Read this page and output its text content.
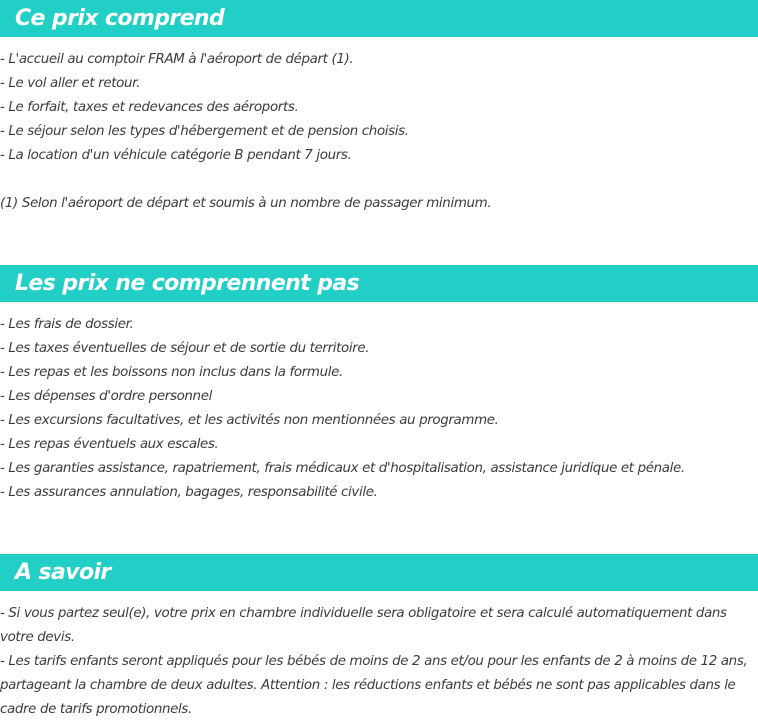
Ce prix comprend
- L'accueil au comptoir FRAM à l'aéroport de départ (1).
- Le vol aller et retour.
- Le forfait, taxes et redevances des aéroports.
- Le séjour selon les types d'hébergement et de pension choisis.
- La location d'un véhicule catégorie B pendant 7 jours.
(1) Selon l'aéroport de départ et soumis à un nombre de passager minimum.
Les prix ne comprennent pas
- Les frais de dossier.
- Les taxes éventuelles de séjour et de sortie du territoire.
- Les repas et les boissons non inclus dans la formule.
- Les dépenses d'ordre personnel
- Les excursions facultatives, et les activités non mentionnées au programme.
- Les repas éventuels aux escales.
- Les garanties assistance, rapatriement, frais médicaux et d'hospitalisation, assistance juridique et pénale.
- Les assurances annulation, bagages, responsabilité civile.
A savoir
- Si vous partez seul(e), votre prix en chambre individuelle sera obligatoire et sera calculé automatiquement dans votre devis.
- Les tarifs enfants seront appliqués pour les bébés de moins de 2 ans et/ou pour les enfants de 2 à moins de 12 ans, partageant la chambre de deux adultes. Attention : les réductions enfants et bébés ne sont pas applicables dans le cadre de tarifs promotionnels.
